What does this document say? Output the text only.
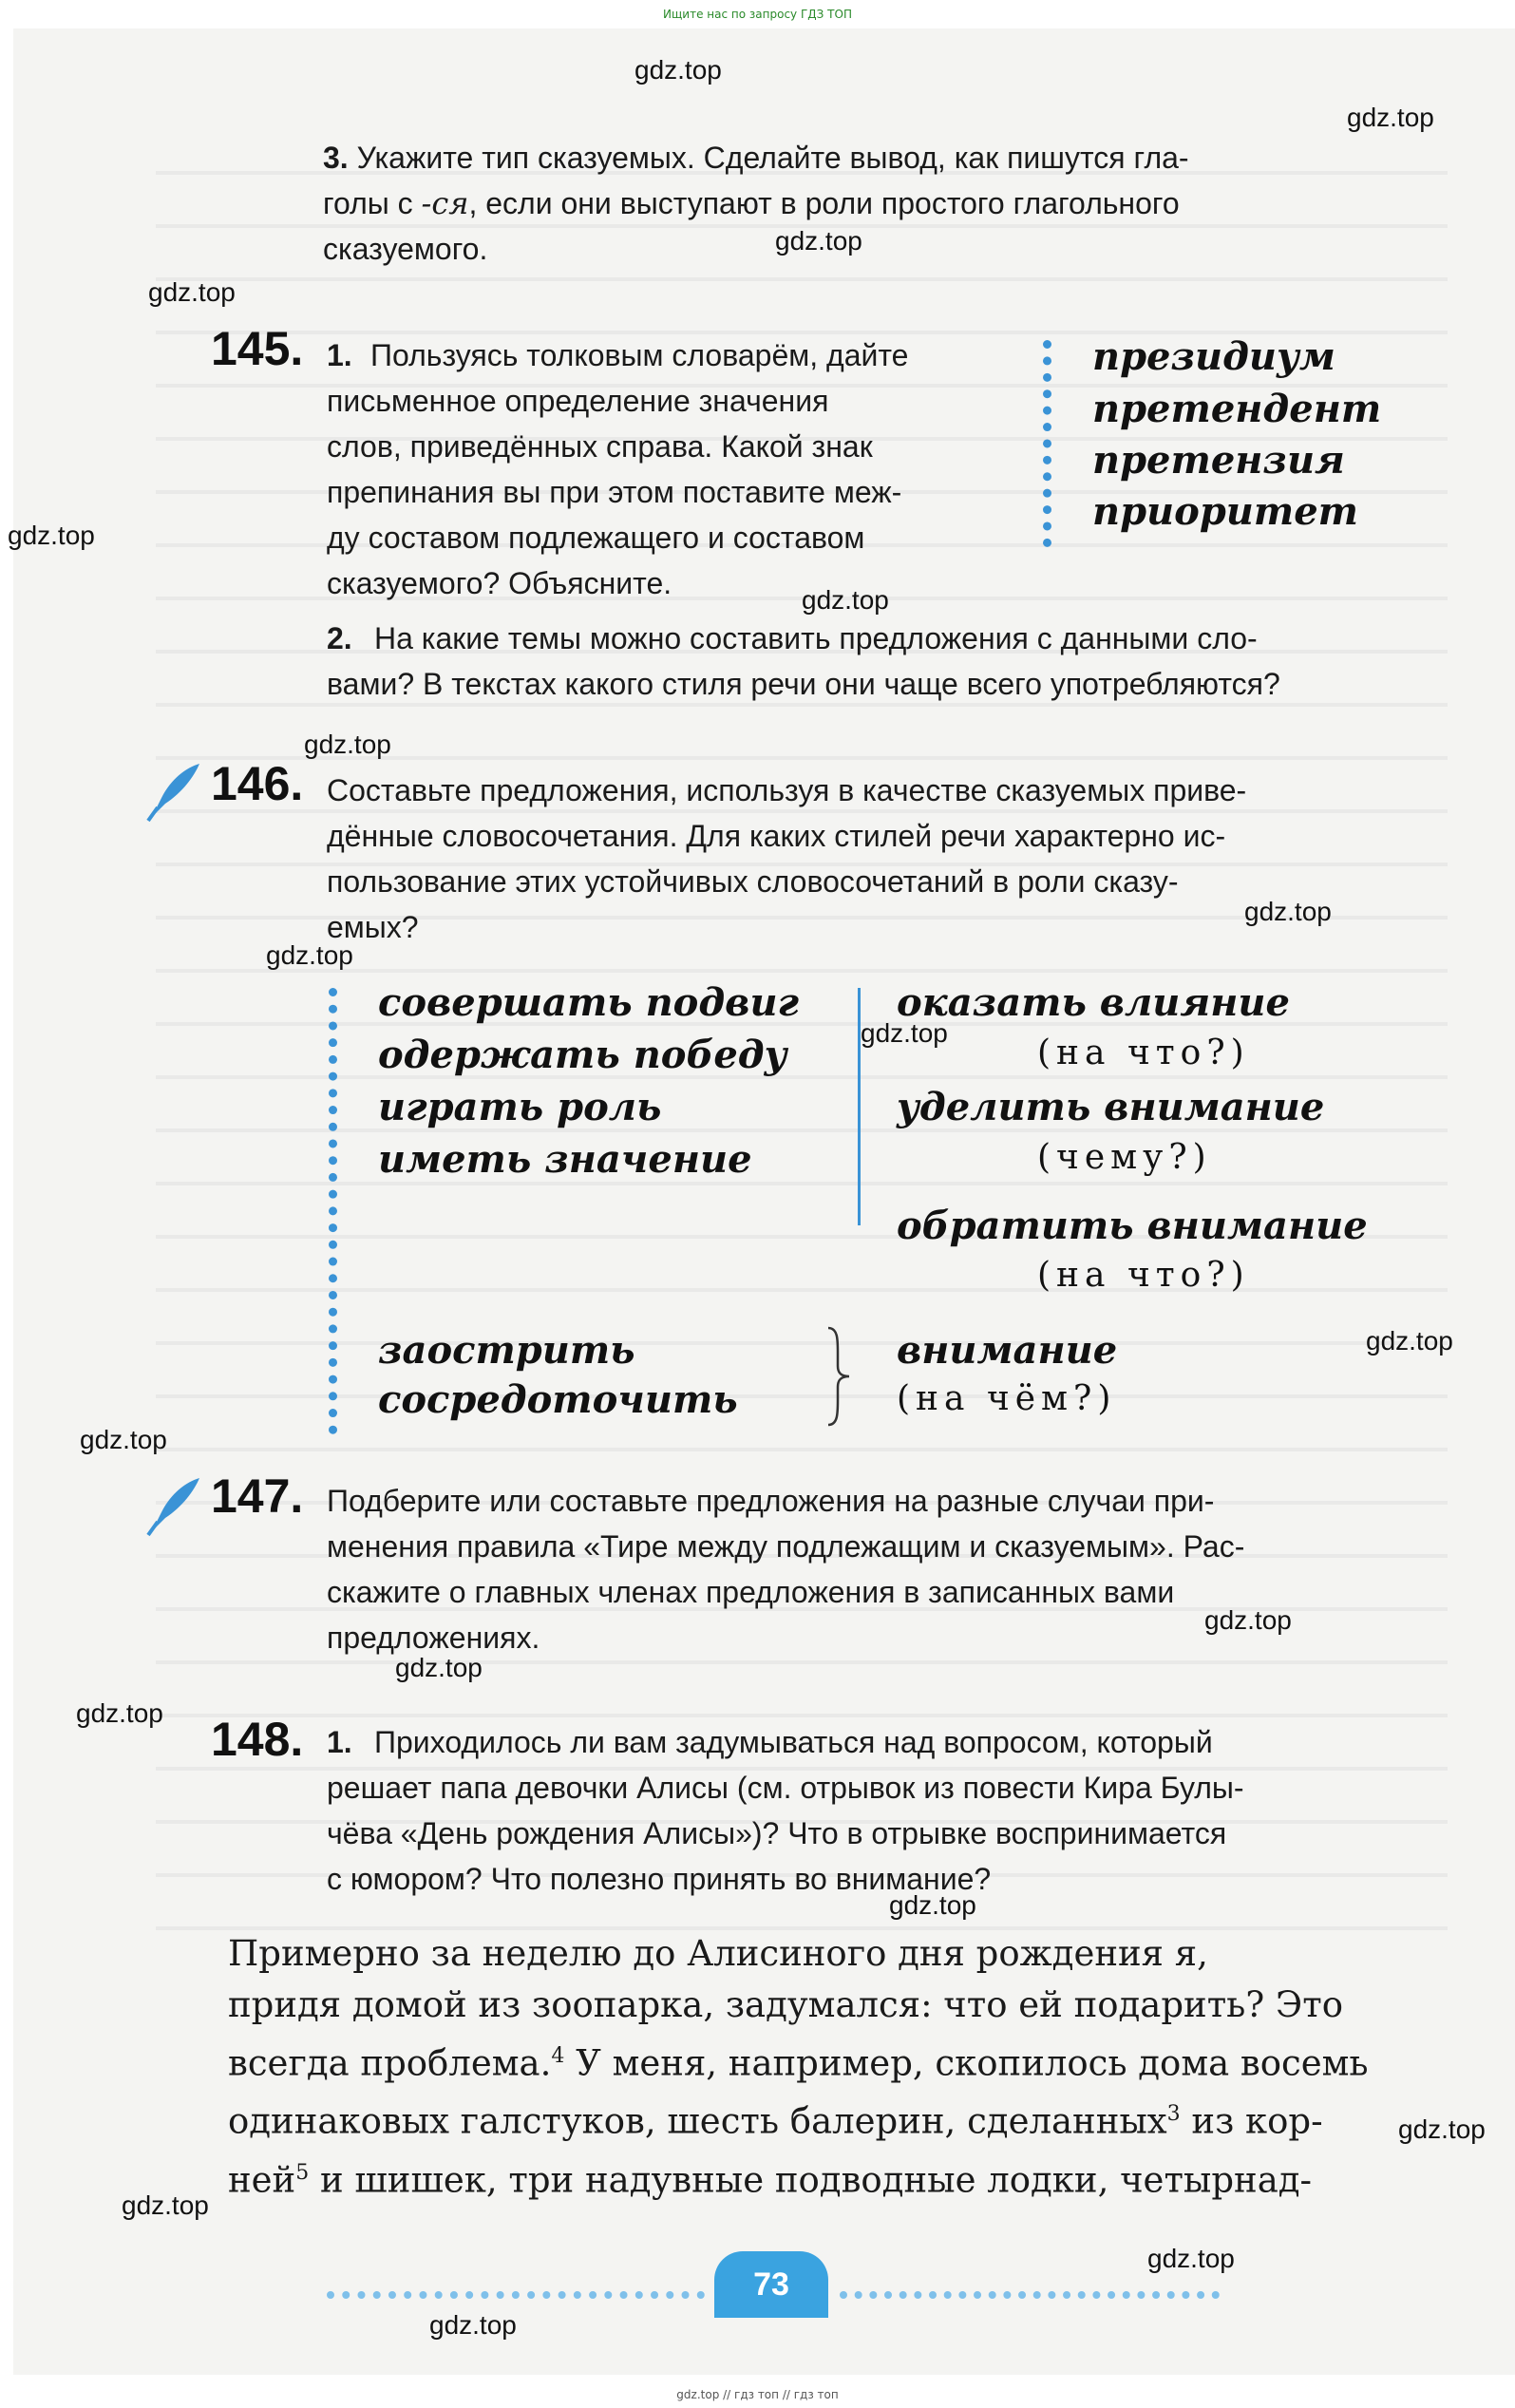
Ищите нас по запросу ГДЗ ТОП
gdz.top
gdz.top
gdz.top
gdz.top
gdz.top
gdz.top
gdz.top
gdz.top
gdz.top
gdz.top
gdz.top
gdz.top
gdz.top
gdz.top
gdz.top
gdz.top
gdz.top
gdz.top
gdz.top
gdz.top
3. Укажите тип сказуемых. Сделайте вывод, как пишутся гла-
голы с -ся, если они выступают в роли простого глагольного
сказуемого.
145. 1. Пользуясь толковым словарём, дайте
письменное определение значения
слов, приведённых справа. Какой знак
препинания вы при этом поставите меж-
ду составом подлежащего и составом
сказуемого? Объясните.
президиум
претендент
претензия
приоритет
2. На какие темы можно составить предложения с данными сло-
вами? В текстах какого стиля речи они чаще всего употребляются?
146. Составьте предложения, используя в качестве сказуемых приве-
дённые словосочетания. Для каких стилей речи характерно ис-
пользование этих устойчивых словосочетаний в роли сказу-
емых?
совершать подвиг
одержать победу
играть роль
иметь значение
оказать влияние
(на что?)
уделить внимание
(чему?)
обратить внимание
(на что?)
заострить
сосредоточить
внимание
(на чём?)
147. Подберите или составьте предложения на разные случаи при-
менения правила «Тире между подлежащим и сказуемым». Рас-
скажите о главных членах предложения в записанных вами
предложениях.
148. 1. Приходилось ли вам задумываться над вопросом, который
решает папа девочки Алисы (см. отрывок из повести Кира Булы-
чёва «День рождения Алисы»)? Что в отрывке воспринимается
с юмором? Что полезно принять во внимание?
Примерно за неделю до Алисиного дня рождения я,
придя домой из зоопарка, задумался: что ей подарить? Это
всегда проблема.$^4$ У меня, например, скопилось дома восемь
одинаковых галстуков, шесть балерин, сделанных$^3$ из кор-
ней$^5$ и шишек, три надувные подводные лодки, четырнад-
73
gdz.top // гдз топ // гдз топ
